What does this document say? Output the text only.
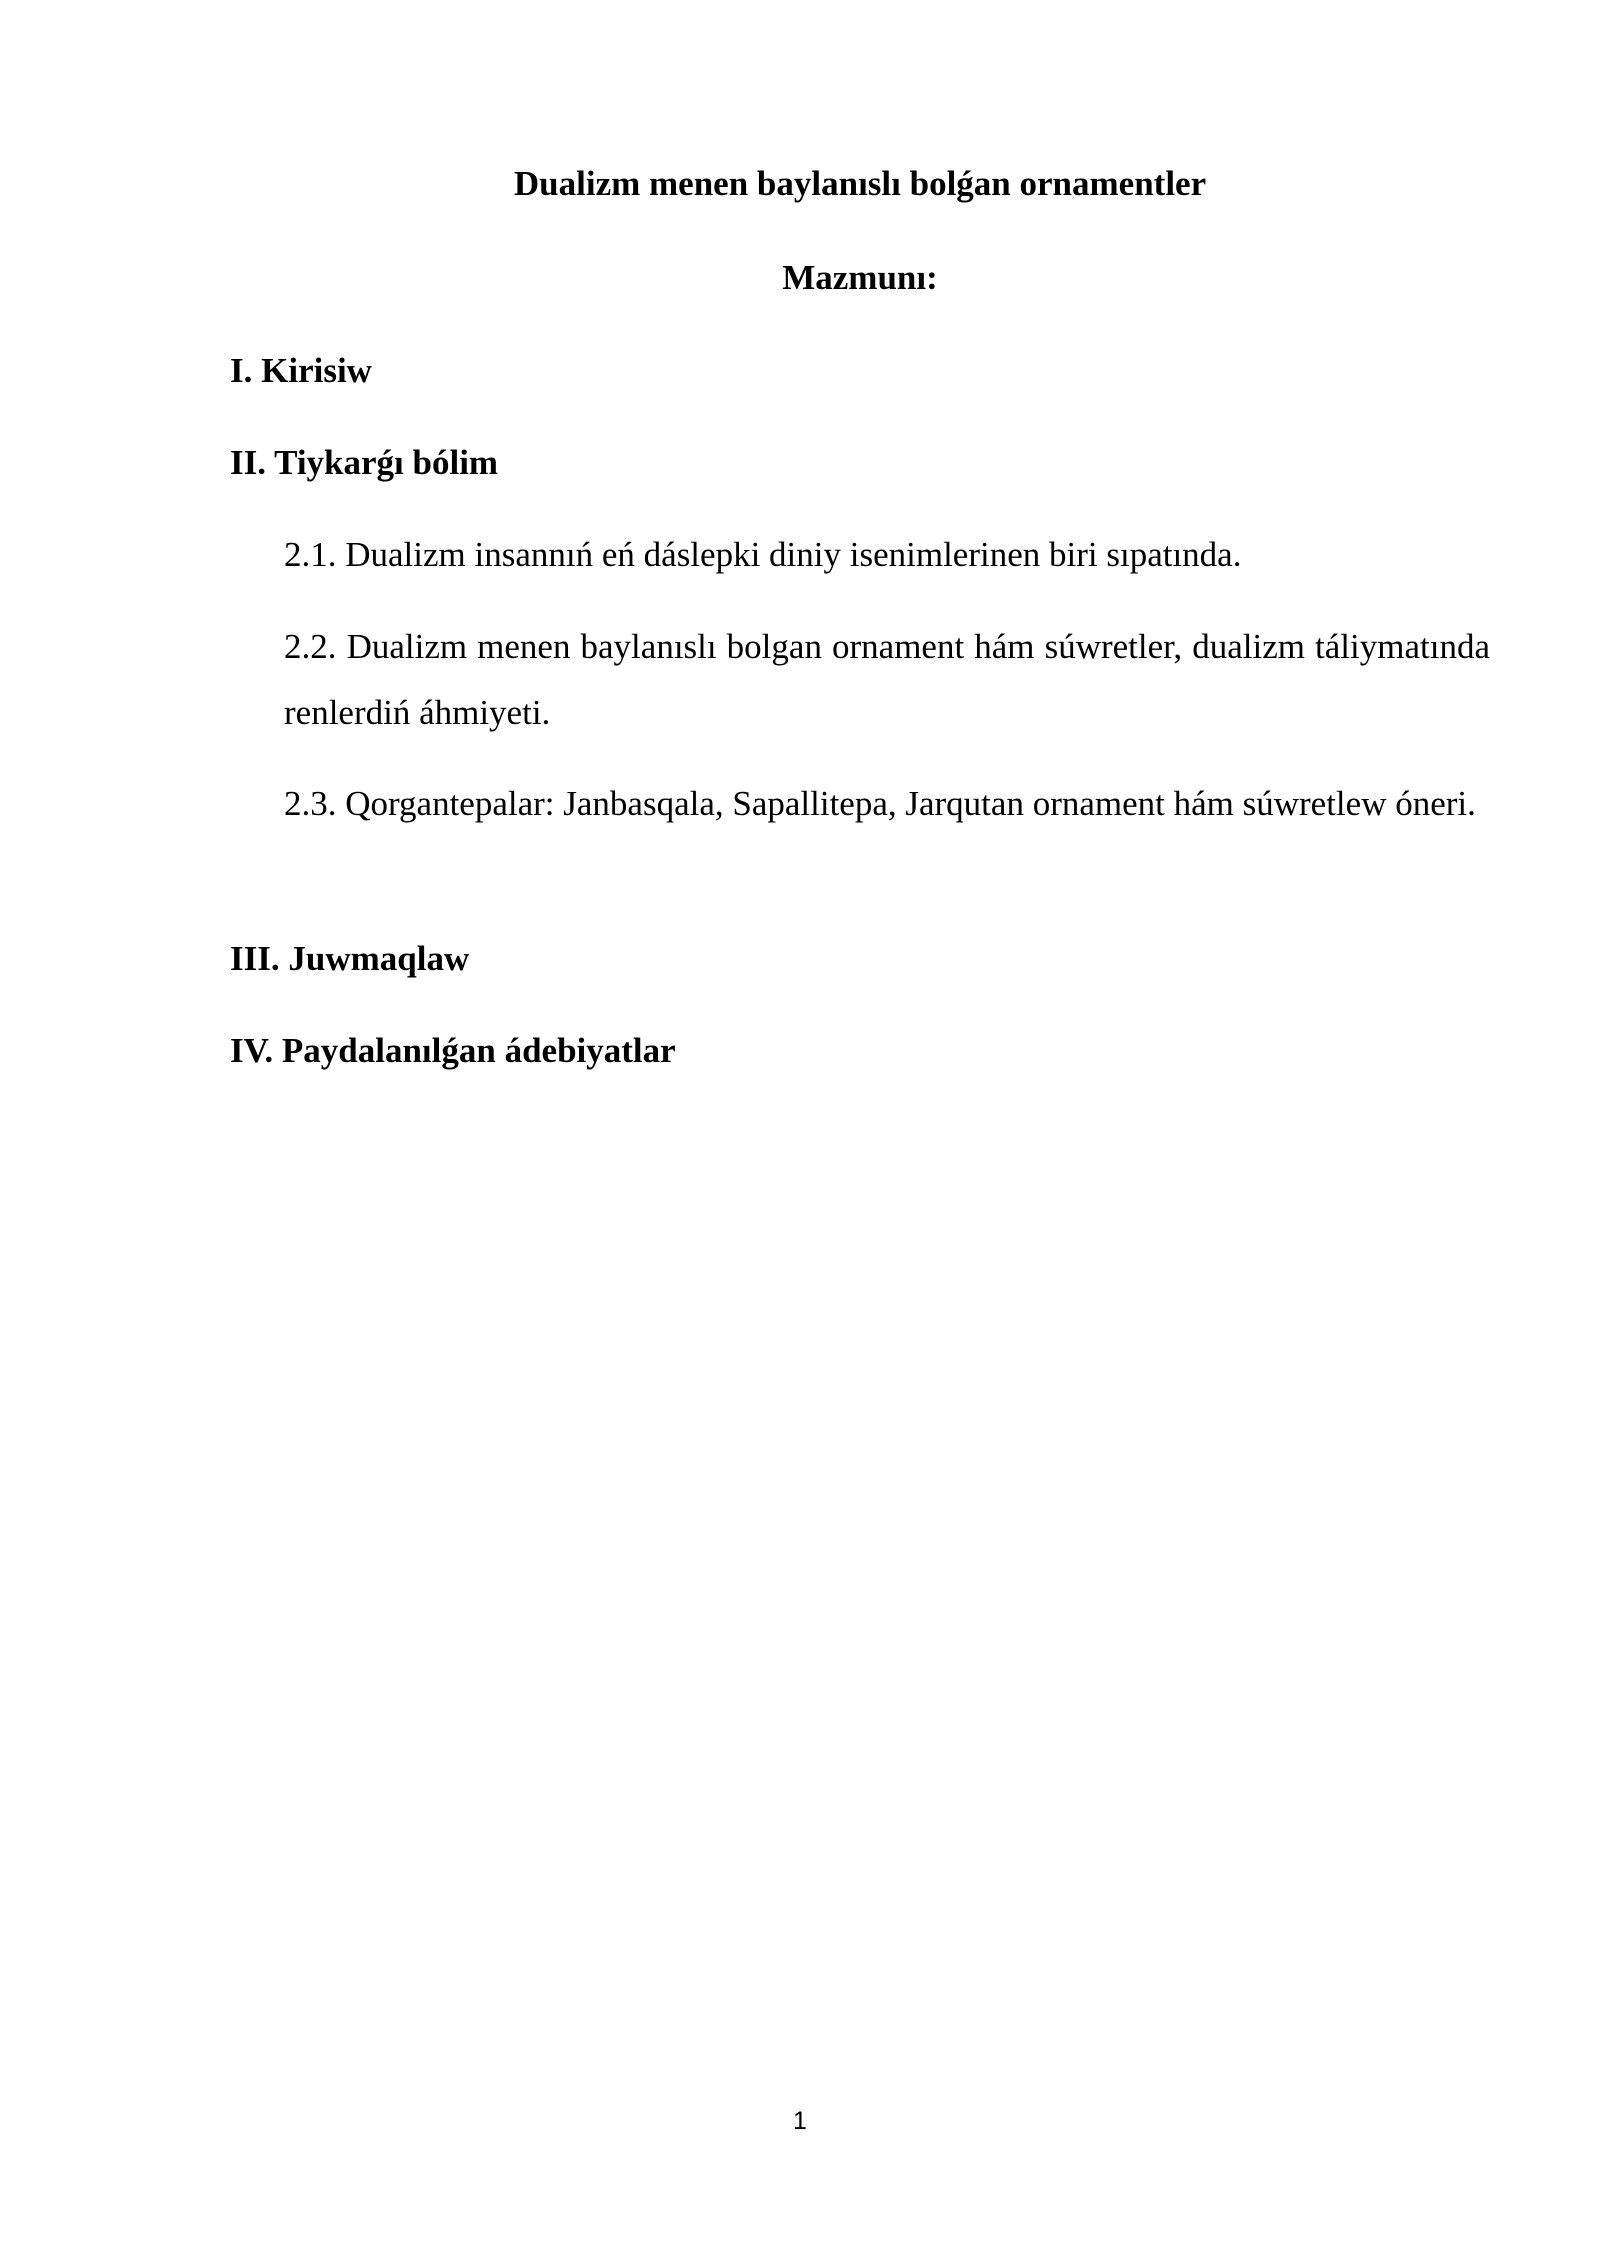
Dualizm menen baylanıslı bolǵan ornamentler
Mazmunı:

I. Kirisiw

II. Tiykarǵı bólim

2.1. Dualizm insannıń eń dáslepki diniy isenimlerinen biri sıpatında.

2.2. Dualizm menen baylanıslı bolgan ornament hám súwretler, dualizm táliymatında renlerdiń áhmiyeti.

2.3. Qorgantepalar: Janbasqala, Sapallitepa, Jarqutan ornament hám súwretlew óneri.

III. Juwmaqlaw

IV. Paydalanılǵan ádebiyatlar

1
